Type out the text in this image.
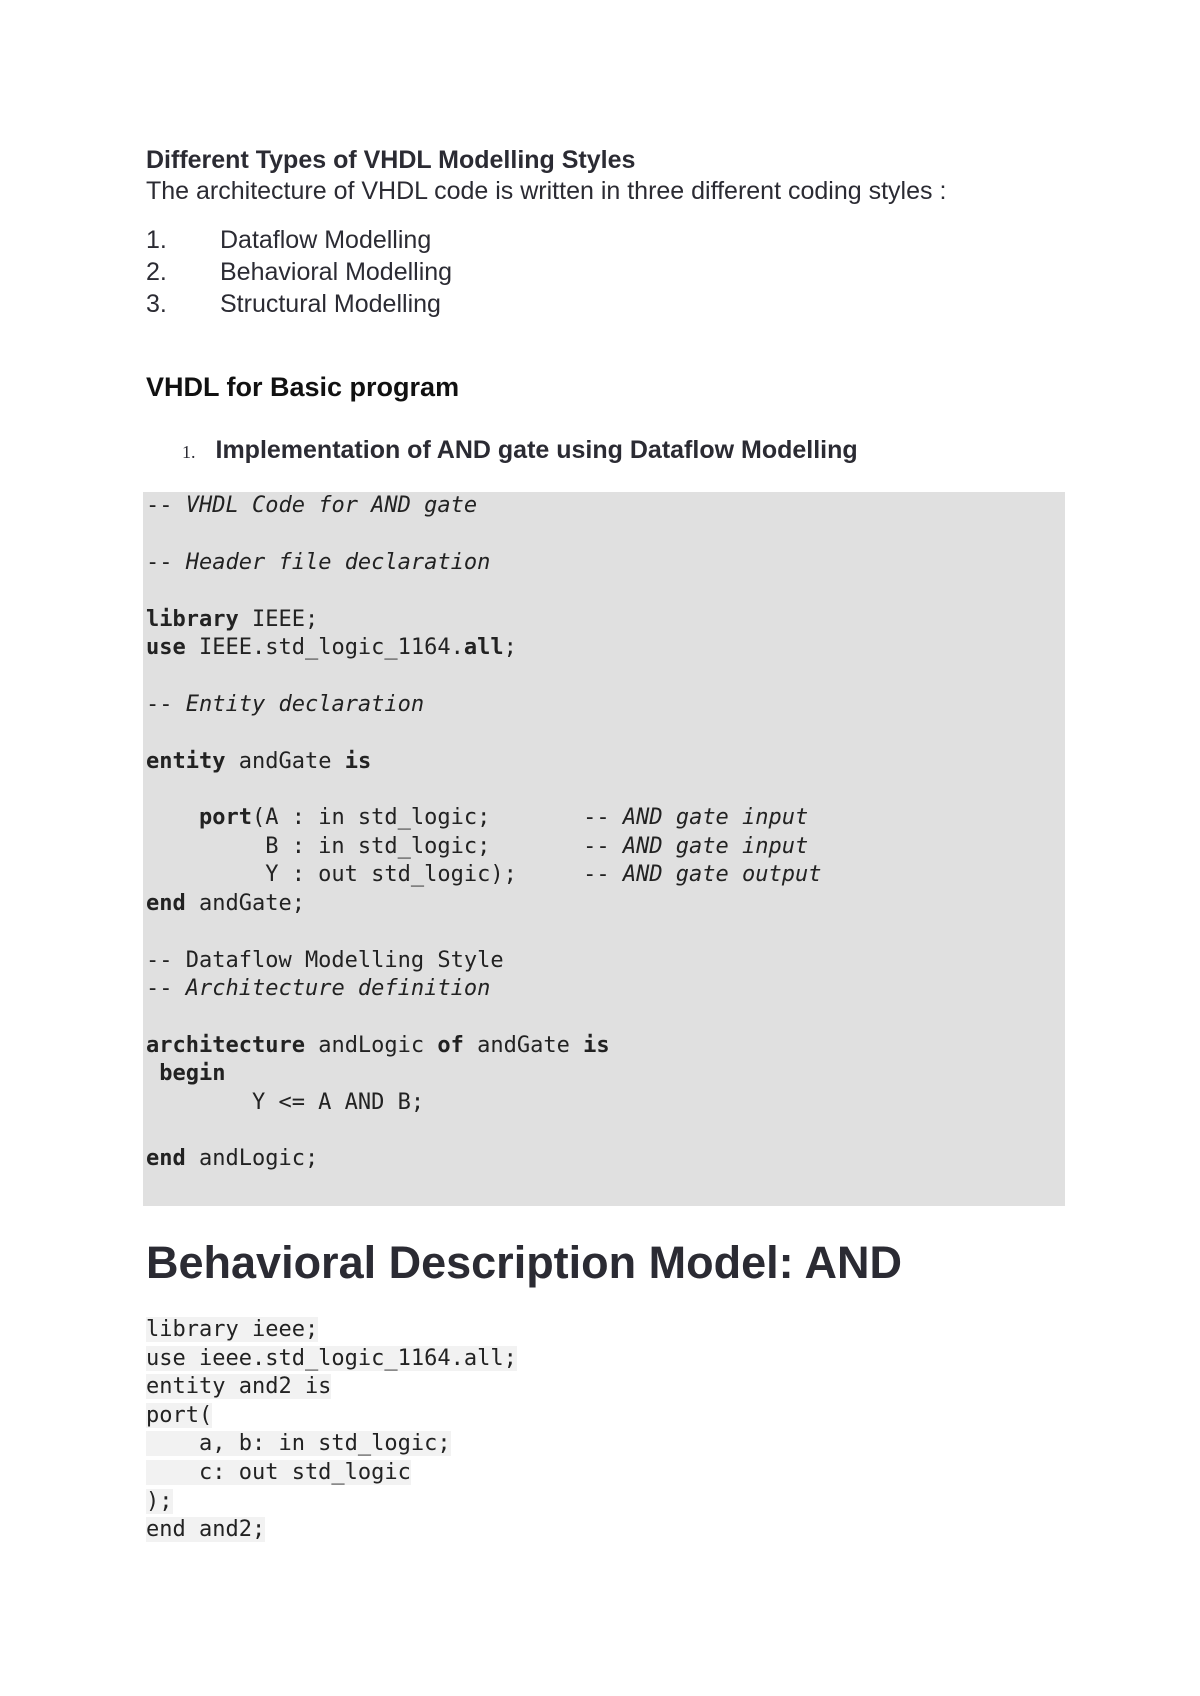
Different Types of VHDL Modelling Styles
The architecture of VHDL code is written in three different coding styles :
1. Dataflow Modelling
2. Behavioral Modelling
3. Structural Modelling
VHDL for Basic program
1. Implementation of AND gate using Dataflow Modelling
-- VHDL Code for AND gate

-- Header file declaration

library IEEE;
use IEEE.std_logic_1164.all;

-- Entity declaration

entity andGate is

port(A : in std_logic;       -- AND gate input
B : in std_logic;       -- AND gate input
Y : out std_logic);     -- AND gate output
end andGate;

-- Dataflow Modelling Style
-- Architecture definition

architecture andLogic of andGate is
begin
Y <= A AND B;

end andLogic;
Behavioral Description Model: AND
library ieee;
use ieee.std_logic_1164.all;
entity and2 is
port(
a, b: in std_logic;
c: out std_logic
);
end and2;
